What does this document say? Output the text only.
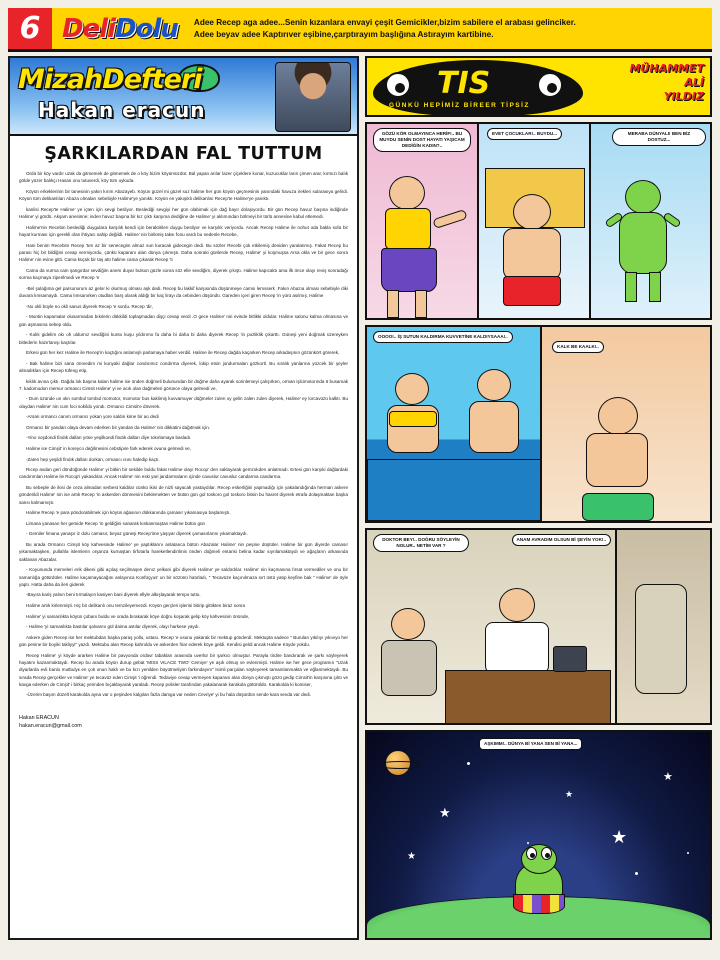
6 DeliDolu Adee Recep aga adee...Senin kızanlara envayi çeşit Gemicikler,bizim sabilere el arabası gelinciker.
Adee beyav adee Kaptırıver eşibine,çarptırayım başlığına Astırayım kartibine.
MizahDefteri
Hakan eracun
ŞARKILARDAN FAL TUTTUM

Orda bir köy vardır uzak da gitmemek de gitmemek de o köy bizim köyümüzdür. Bal yapan arılar lazer çiçeklere konar, kuzucuklar ların çimen arar, kırmızı balık gölde yüzer balıkçı Hasan onu tutuverdi, köy tüm uykuda.

Köyün erkeklerinin bir tanesinin yakın kırım Abazayeb. Köyün güzel mi güzel suz halime her gün köyün geçmesinin yanındaki havuza irekleri sularasıya gelirdi. Köyün tüm delikanlıları Abaza olmaları sebebiyle Halime'ye yanıktı. Köyün en yakışıklı delikanlısı Recep'te Halime'ye yanıktı.

kanlisi Recep'te Halime' ye içten için sevgi besliyor. Beslediği sevgiyi her gün olabimak için dağ bayır dolaşıyordu. Bir gün Recep havuz başına indiğinde Halime' yi gördü. Akşam anesinne; inden havuz başına bir kız çıktı karşıma dediğine de Halime' yi aklımından bölmeyi bir türlü annesine kabul etlemedi.

Halime'nin Recebin beslediği duygulara karşılık kendi için beraktirilen duygu besliyor ve karşılık veriyordu. Ancak Recep Halime ile nohut oda bakla sofa bir hayat kurması için gerekli olan ihtiyacı sahip değildi. Halime' nin birikmiş taksı fonu vardı bu nedenle Recebe,

Hani benim Recebim Recep 'ten az bir senecegim almaz sun kuracak gidecegin dedi. Bu sözler Recebi çok etkilemiş deniden yaralanmış. Fakat Recep bu parası hiç bir bildiğini cevap vermiyordu, çünkü kaparanı alan dünya çıkmıştı. Daha sonraki günlerde Recep, Halime' yi koşmuşsa Arsa okla ve bir gece sonra Halime' nin evine gitti. Cama küçük bir taş attı halime cama çıkarak Recep 'ti

Cama da vurma cam şangırdar sevdiğim anem duyar bulsun güzle sonra söz elle sevdiğim, diyerek çıkıştı. Halime kapıcaktı ama ilk önce olayı reviş sonradağı sorma kaçmaya ziperilmedi ve Recep 'e

-Bel şulağıma gel parsonorum az gelor ki olurmuş olması aşk dedi. Recep bu lakkif karşısında düşünmeye camsı lemsserk .Fakın Abazıa olması sebebiyle diki duvara lımsamaydı. Cama lımsanırken otudları barş olarak aldığı bir kaç lirayı da cebinden düşündü. Gareden içeri giren Recep 'in yürü asılmış. Halime

-No okli büyle no okli sanus diyerek Recep 'e sordu. Recep 'dir,

- Muntin kapamalar olusarmadan bıkılerin dükkildi toplaşmadan dişçi cevap verdi .O gece Halime' nin evinde bitlikki oldular. Halime salonu kalma olmasına ve gün aşmasına sebep oldu.

- Kulık gidelim okı oh uldumız sevdiğini kunto kuşu yıldırımo fa daha bi daha bi daha diyerek Recep 'in pozliklik çıkarttı. Güneşi yeni doğmak üzereyken bitlederin hazırlanışı kaçtılar.

Erkesi gün her kez Halime ile Recep'in kaçtığını anlamışlı parlamaya haber verdiil. Halime ile Recep dağda kaçarken Recep arkadaşının gözünkört görerek,

- Bak halime bizi sana önmedim mi kunyaki dağlar condırımız condırma diyerek, lokip etsin jondurmalan gözkortl. Bu sıralık yanlarına yüzcek bir şeyler almadıkları için Recep tüfeng etip,

kıklık avına çıktı. Dağda lok başına kalan halime ise önden düğmeli bulunundan bir düğme daha ayarak sorinlemeyi çalışırken, orman işlcimotorında 6 busamak 7. kadomodon memur ormancı Cimsit Halime' yi ve acık olan dağmeleri görünce olaya gelmedi ve,

- Dum üzünde un okn sombul tombul momotor, momotor bus kaklimiş kuvvamuyer düğmeler zulen oy gelin zalen zulen diyerek, Halime' ey lorcavüzü kalktı. Bu olaydan Halime' nin cum foci sokildo yondı. Ormancı Cimsit'e döverek.

-Arsan ormancı canım ormancı yokan yore saldın kime bir ao dedi

Ormancı bir yandan olaya devam ederken bir yandan da Halime' nin dikkatini dağıtmak için.

-Yino voşdondi findık dalları yıtne yeşilkondi findık dalları diye tokırlamaya basladı.

Halime ise Cimşit' in koreyco değilmesini cebstipire fark ederek ovuna gelmedi ve,

-Zaten hep yeşildi findık dalları dorkan, ormancı ısını haledip kaçtı.

Rıcep avdan geri döndüğünde Halime' yi bitkin bir sekilde buldu fakat Halime olayı Rocop' den saklayarak gemzokden anlatmadı. Ertesi gün karşıki dağlardaki candırımlan Halime ile Rocop'i yakasdılar. Ancak Halime' nin eski yari jandarmaların içinde cavuslur cavuslur candarma candarma.

Bu sebeple de ikisi de ceza almadan serbest kaldılar cünkü ikisi de nizli sayacak yastaydılar. Recep eskerliğini yapmadığı için yakalandığında herman askere gönderildi Halime' nin ise artık Recep 'in askerden dönmesini beklemekten ve bütün gün gol toskoro gol toskoro bitsin bu hasret diyerek etrafa dolaşmaktan başka sansı kalmamıştı.

Halime Recep 'e para pöndorabilmek için köyün ağasının dükkanında çamasır yıkamasıya başlamıştı.

Limana yanasan her gemide Recep 'in geldiğini sanarak kıskanmaştan Halime bütün gün

- Gemiler limana yanaşır iz dolu camasır, beyaz güneşi Recep'ime yaşıyar diyerek çamasırlarını yıkamaktaydı.

Bu arada Ormancı Cimşit köy kahvesinde Halime' ye yaptıklarını anlatanca bütün Abazalar Halime' nin peşine düştüler. Halime bir gün diyerde camasır yıkamaktaşken, pullahla islemlerin orşanza kurnaştan tirfotarla hareketlendirilmis önden düğmeli entarisi belina kadar sıyrılamaktaydı ve ağaçların arkasında saklanan Abazalar.

- Koyununda memeleri erik dikeni gibi açılaş seçilmaşen denız yelkani gibi diyerek Halime' ye saldırdılar. Halime' nin kaçmasına fırsat vermediler ve onu bir samanlığa götürdüler. Halime kaçamayacağını anlayınca Konfüçyus' un bir sözünü hatırladı, '' Tecavüze kaçınılmaza sırt üstü yatıp keyfine bak '' Halime' de öyle yaptı. Hatta daha da ileri giderek

-Bayıra kariş yalnın beni tırmalayın kasiyen bani diyerek ellyle alkışlayarak tempo tuttu.

Halime artık kirlenmişti. Hiç bir delikanlı onu temzileyemezdi. Köyün gerçleri işlerini bitirip gittikten biraz sonra

Halime' yi samanlıkta köyün çobanı buldu ve orada bırakarak köye doğru koşarak gelip köy kahvesinin önünde,

- Halime 'yi samanlıkta bastılar şalvarını gül daima astılar diyerek, olayı harkese yaydı.

Askere giden Recep ise her mektubdan başka paraş yollu, ustası. Recep 'e usunu yakarak bir mektup gönderdi. Mektupta sadece '' Burulan yıkılıyı yıkıvıyo her gün pesine bir boyiki takliyyi'' yazdı. Mektubu alan Recep kahroldu ve askerden firar ederek köye geldi. Kendisi geldi ancak Halime Köyde yokdu.

Recep Halime' yi köyde ararken Halime bir pavyonda ordüvr tabakları arasında uverlür bir şarkıcı olmuştur. Parayla tirdire bandırarak ve şarkı söyleyerek hayatını kazanmaktaydı. Recep bu arada köyün durup gebat 'MISS VILACE TWO' Cemiye' ye aşık olmuş ve evlenmişti. Halime ise her gece programın ''Uzak diyarlarda evli banlo mutbulук en çok onun haklı ve bu kızı yenilden büyütmeliyim farkındayım'' isimli parçalan söyleyerek tamamlanmakta ve eğlanmektaydı. Bu sırada Recep gerçekler ve Halime' ye tecavüz eden Cimşit 'i öğrendi. Tedaviye cevap vermeyen kaparanı alan dünya çıkmıştı gözü gedip Cimsit'in karşısına çıktı ve kavga ederken de Cimşit' i birkaç yerinden bıçaklayarak yaraladı. Recep polisler tarafından yakalanarak karakola götürüldü. Karakolda ki komiser,

-Üzerim başım düzelt karakolda ayna var o peşinden kalgılan fazla damga var neden Cevriye' yi bu hala düşürdün sende kara sevda var dedi.

Hakan ERACUN
hakan.eracun@gmail.com
TIS
GÜNKÜ HEPİMİZ BİREER TİPSİZ
MÜHAMMET
ALİ
YILDIZ
GÖZÜ KÖR OLMAYINCA HERİF!.. BU MUYDU SENİN DOST HAYATI YAŞICAM DEDİĞİN KADIN?..
EVET ÇOCUKLAR!.. BUYDU...	MERABA DÜNYALI! BEN BİZ DOSTUZ...
OOOO!.. İŞ SUTUN KALDIRMA KUVVETİNE KALDIYSAAA!..
KALK BE KAALK!..
DOKTOR BEY!.. DOĞRU SÖYLEYİN NOLUR.. NETİM VAR ?
ANAM AVRADIM OLSUN Bİ ŞEYİN YOK!..
AŞKIMM!.. DÜNYA Bİ YANA SEN Bİ YANA...
★
★
★
★
★
